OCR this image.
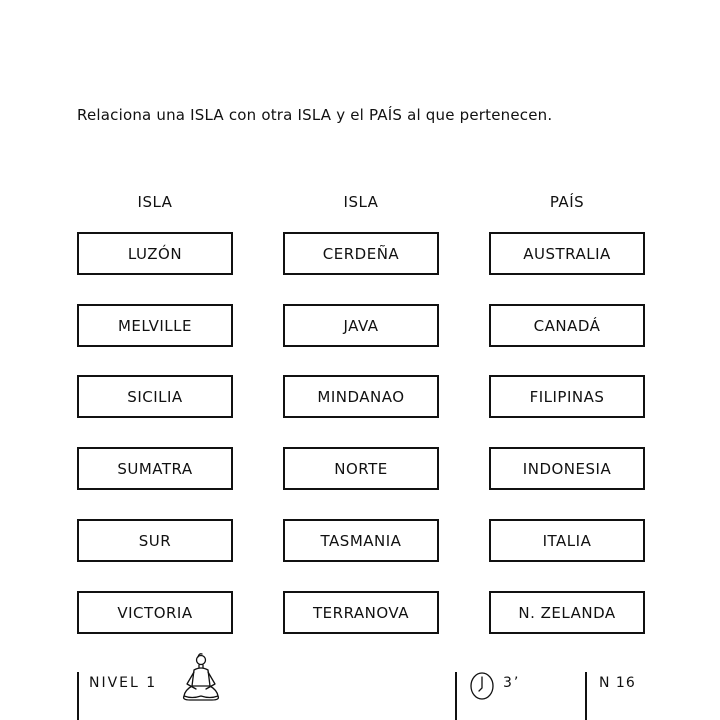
Relaciona una ISLA con otra ISLA y el PAÍS al que pertenecen.
ISLA
LUZÓN
MELVILLE
SICILIA
SUMATRA
SUR
VICTORIA
ISLA
CERDEÑA
JAVA
MINDANAO
NORTE
TASMANIA
TERRANOVA
PAÍS
AUSTRALIA
CANADÁ
FILIPINAS
INDONESIA
ITALIA
N. ZELANDA
NIVEL 1	3’	N 16
